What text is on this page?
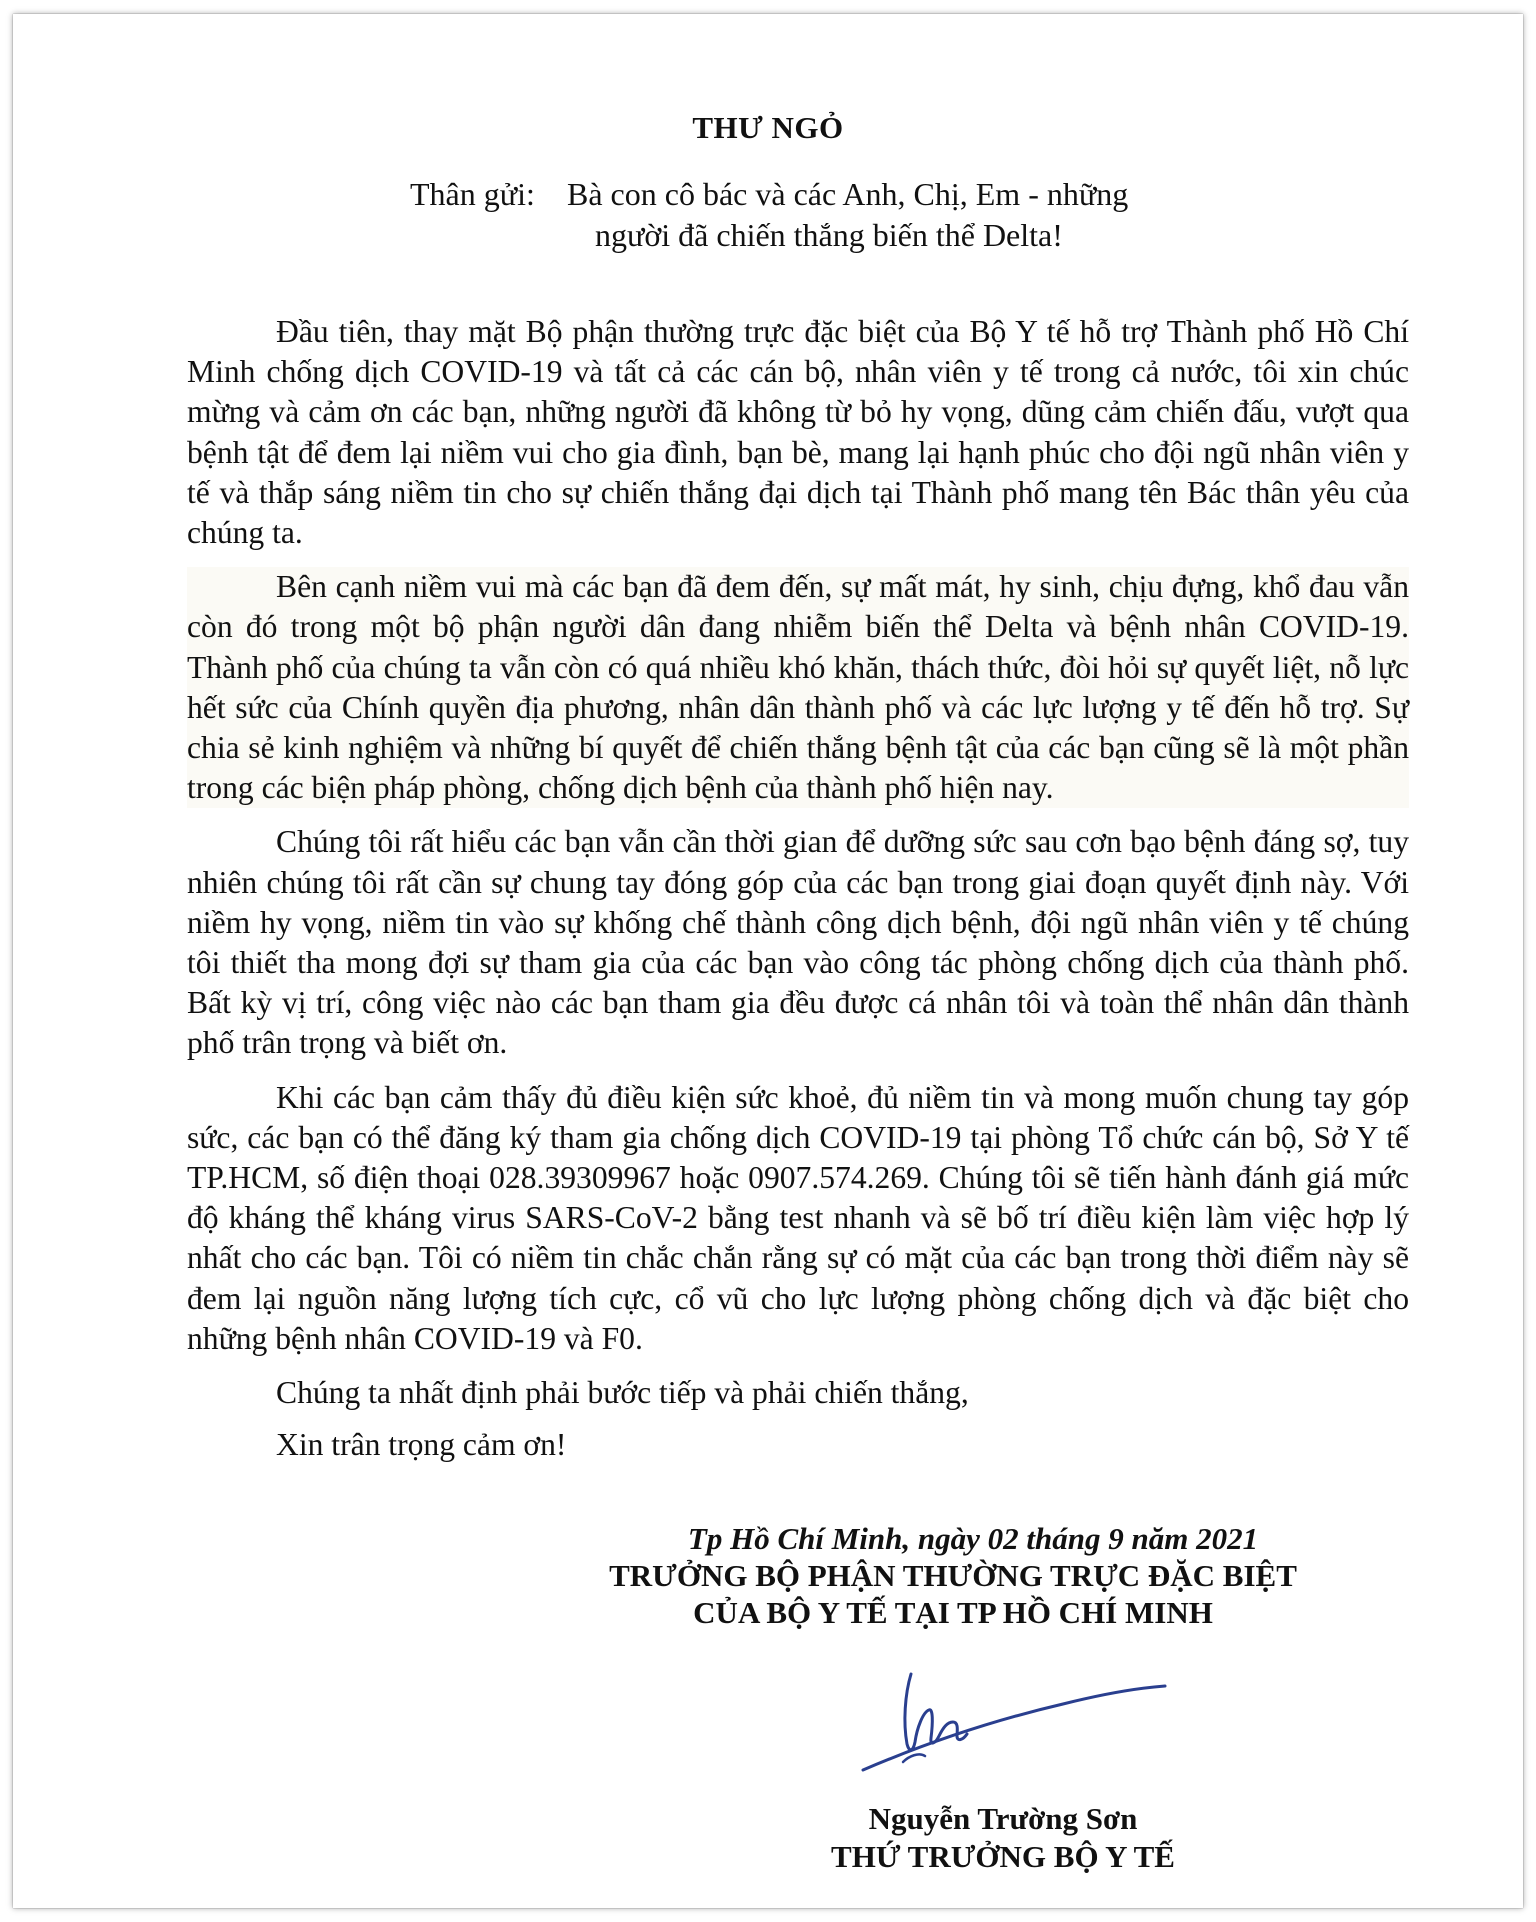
THƯ NGỎ
Thân gửi: Bà con cô bác và các Anh, Chị, Em - những
người đã chiến thắng biến thể Delta!

Đầu tiên, thay mặt Bộ phận thường trực đặc biệt của Bộ Y tế hỗ trợ Thành phố Hồ Chí Minh chống dịch COVID-19 và tất cả các cán bộ, nhân viên y tế trong cả nước, tôi xin chúc mừng và cảm ơn các bạn, những người đã không từ bỏ hy vọng, dũng cảm chiến đấu, vượt qua bệnh tật để đem lại niềm vui cho gia đình, bạn bè, mang lại hạnh phúc cho đội ngũ nhân viên y tế và thắp sáng niềm tin cho sự chiến thắng đại dịch tại Thành phố mang tên Bác thân yêu của chúng ta.

Bên cạnh niềm vui mà các bạn đã đem đến, sự mất mát, hy sinh, chịu đựng, khổ đau vẫn còn đó trong một bộ phận người dân đang nhiễm biến thể Delta và bệnh nhân COVID-19. Thành phố của chúng ta vẫn còn có quá nhiều khó khăn, thách thức, đòi hỏi sự quyết liệt, nỗ lực hết sức của Chính quyền địa phương, nhân dân thành phố và các lực lượng y tế đến hỗ trợ. Sự chia sẻ kinh nghiệm và những bí quyết để chiến thắng bệnh tật của các bạn cũng sẽ là một phần trong các biện pháp phòng, chống dịch bệnh của thành phố hiện nay.

Chúng tôi rất hiểu các bạn vẫn cần thời gian để dưỡng sức sau cơn bạo bệnh đáng sợ, tuy nhiên chúng tôi rất cần sự chung tay đóng góp của các bạn trong giai đoạn quyết định này. Với niềm hy vọng, niềm tin vào sự khống chế thành công dịch bệnh, đội ngũ nhân viên y tế chúng tôi thiết tha mong đợi sự tham gia của các bạn vào công tác phòng chống dịch của thành phố. Bất kỳ vị trí, công việc nào các bạn tham gia đều được cá nhân tôi và toàn thể nhân dân thành phố trân trọng và biết ơn.

Khi các bạn cảm thấy đủ điều kiện sức khoẻ, đủ niềm tin và mong muốn chung tay góp sức, các bạn có thể đăng ký tham gia chống dịch COVID-19 tại phòng Tổ chức cán bộ, Sở Y tế TP.HCM, số điện thoại 028.39309967 hoặc 0907.574.269. Chúng tôi sẽ tiến hành đánh giá mức độ kháng thể kháng virus SARS-CoV-2 bằng test nhanh và sẽ bố trí điều kiện làm việc hợp lý nhất cho các bạn. Tôi có niềm tin chắc chắn rằng sự có mặt của các bạn trong thời điểm này sẽ đem lại nguồn năng lượng tích cực, cổ vũ cho lực lượng phòng chống dịch và đặc biệt cho những bệnh nhân COVID-19 và F0.

Chúng ta nhất định phải bước tiếp và phải chiến thắng,

Xin trân trọng cảm ơn!

Tp Hồ Chí Minh, ngày 02 tháng 9 năm 2021
TRƯỞNG BỘ PHẬN THƯỜNG TRỰC ĐẶC BIỆT
CỦA BỘ Y TẾ TẠI TP HỒ CHÍ MINH
Nguyễn Trường Sơn
THỨ TRƯỞNG BỘ Y TẾ
